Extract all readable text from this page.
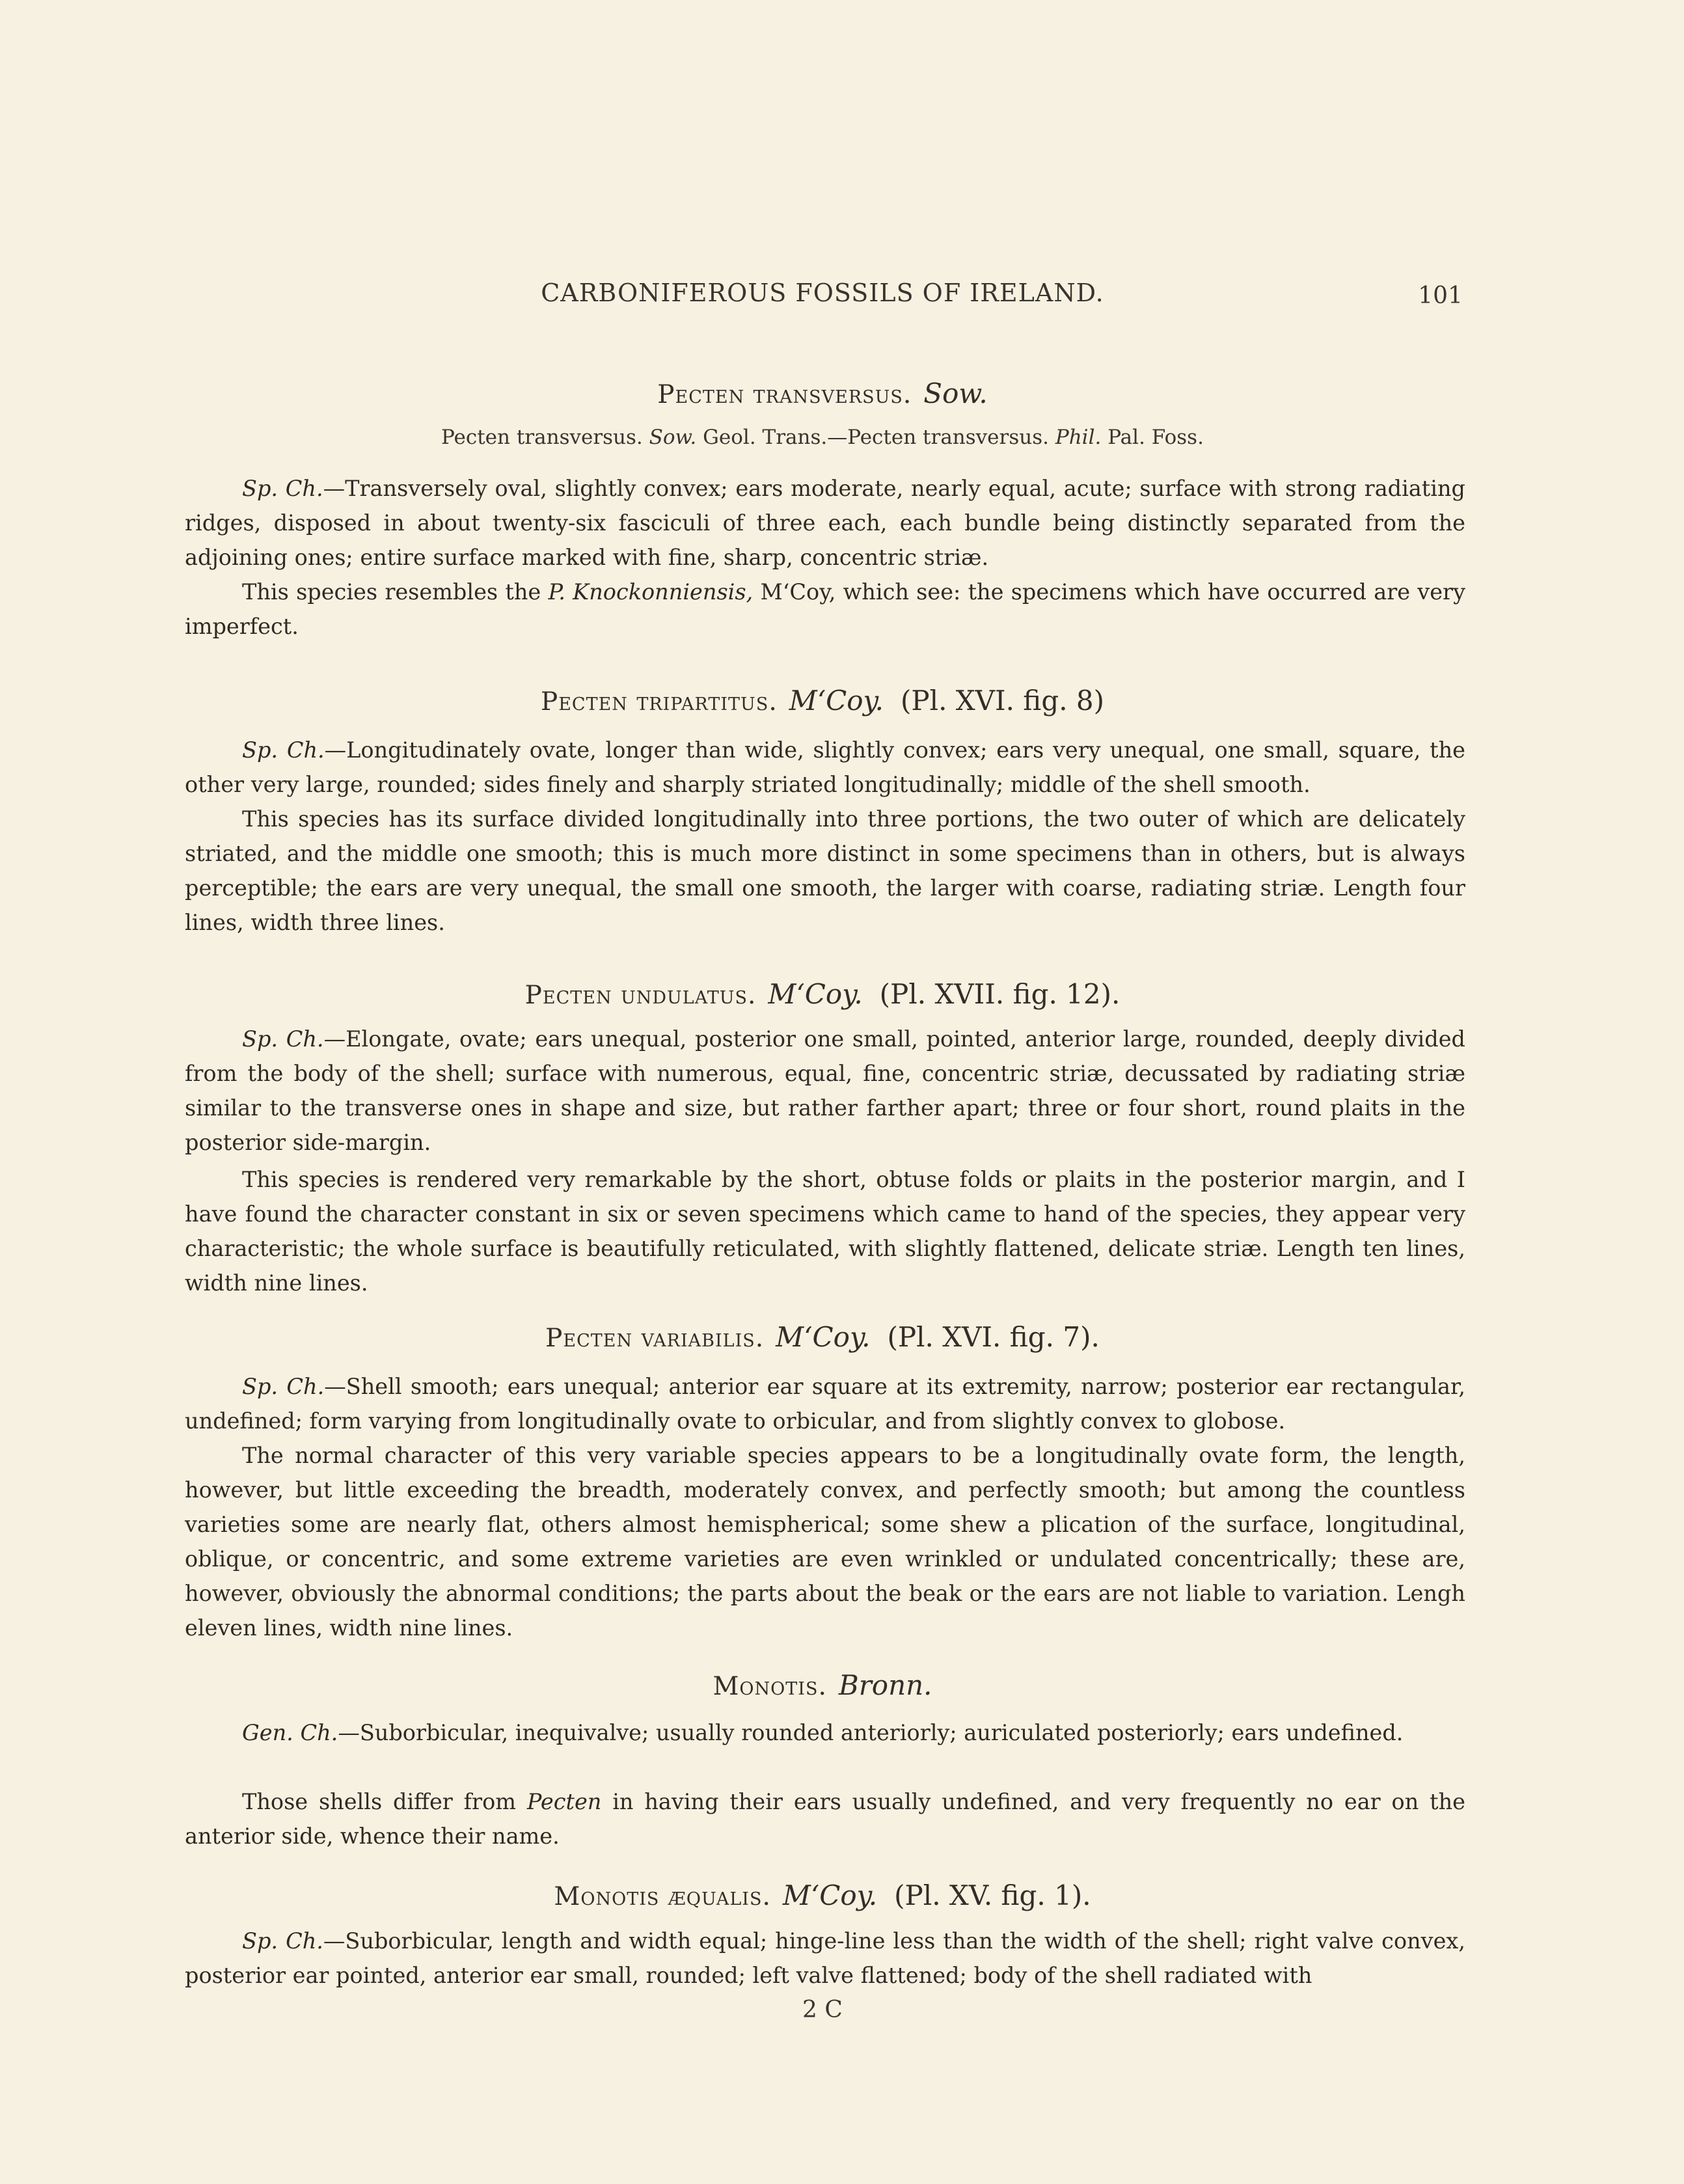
CARBONIFEROUS FOSSILS OF IRELAND.	101
Pecten transversus. Sow.
Pecten transversus. Sow. Geol. Trans.—Pecten transversus. Phil. Pal. Foss.
Sp. Ch.—Transversely oval, slightly convex; ears moderate, nearly equal, acute; surface with strong radiating ridges, disposed in about twenty-six fasciculi of three each, each bundle being distinctly separated from the adjoining ones; entire surface marked with fine, sharp, concentric striæ.
This species resembles the P. Knockonniensis, M‘Coy, which see: the specimens which have occurred are very imperfect.
Pecten tripartitus. M‘Coy. (Pl. XVI. fig. 8)
Sp. Ch.—Longitudinately ovate, longer than wide, slightly convex; ears very unequal, one small, square, the other very large, rounded; sides finely and sharply striated longitudinally; middle of the shell smooth.
This species has its surface divided longitudinally into three portions, the two outer of which are delicately striated, and the middle one smooth; this is much more distinct in some specimens than in others, but is always perceptible; the ears are very unequal, the small one smooth, the larger with coarse, radiating striæ. Length four lines, width three lines.
Pecten undulatus. M‘Coy. (Pl. XVII. fig. 12).
Sp. Ch.—Elongate, ovate; ears unequal, posterior one small, pointed, anterior large, rounded, deeply divided from the body of the shell; surface with numerous, equal, fine, concentric striæ, decussated by radiating striæ similar to the transverse ones in shape and size, but rather farther apart; three or four short, round plaits in the posterior side-margin.
This species is rendered very remarkable by the short, obtuse folds or plaits in the posterior margin, and I have found the character constant in six or seven specimens which came to hand of the species, they appear very characteristic; the whole surface is beautifully reticulated, with slightly flattened, delicate striæ. Length ten lines, width nine lines.
Pecten variabilis. M‘Coy. (Pl. XVI. fig. 7).
Sp. Ch.—Shell smooth; ears unequal; anterior ear square at its extremity, narrow; posterior ear rectangular, undefined; form varying from longitudinally ovate to orbicular, and from slightly convex to globose.
The normal character of this very variable species appears to be a longitudinally ovate form, the length, however, but little exceeding the breadth, moderately convex, and perfectly smooth; but among the countless varieties some are nearly flat, others almost hemispherical; some shew a plication of the surface, longitudinal, oblique, or concentric, and some extreme varieties are even wrinkled or undulated concentrically; these are, however, obviously the abnormal conditions; the parts about the beak or the ears are not liable to variation. Lengh eleven lines, width nine lines.
Monotis. Bronn.
Gen. Ch.—Suborbicular, inequivalve; usually rounded anteriorly; auriculated posteriorly; ears undefined.
Those shells differ from Pecten in having their ears usually undefined, and very frequently no ear on the anterior side, whence their name.
Monotis æqualis. M‘Coy. (Pl. XV. fig. 1).
Sp. Ch.—Suborbicular, length and width equal; hinge-line less than the width of the shell; right valve convex, posterior ear pointed, anterior ear small, rounded; left valve flattened; body of the shell radiated with
2 C
